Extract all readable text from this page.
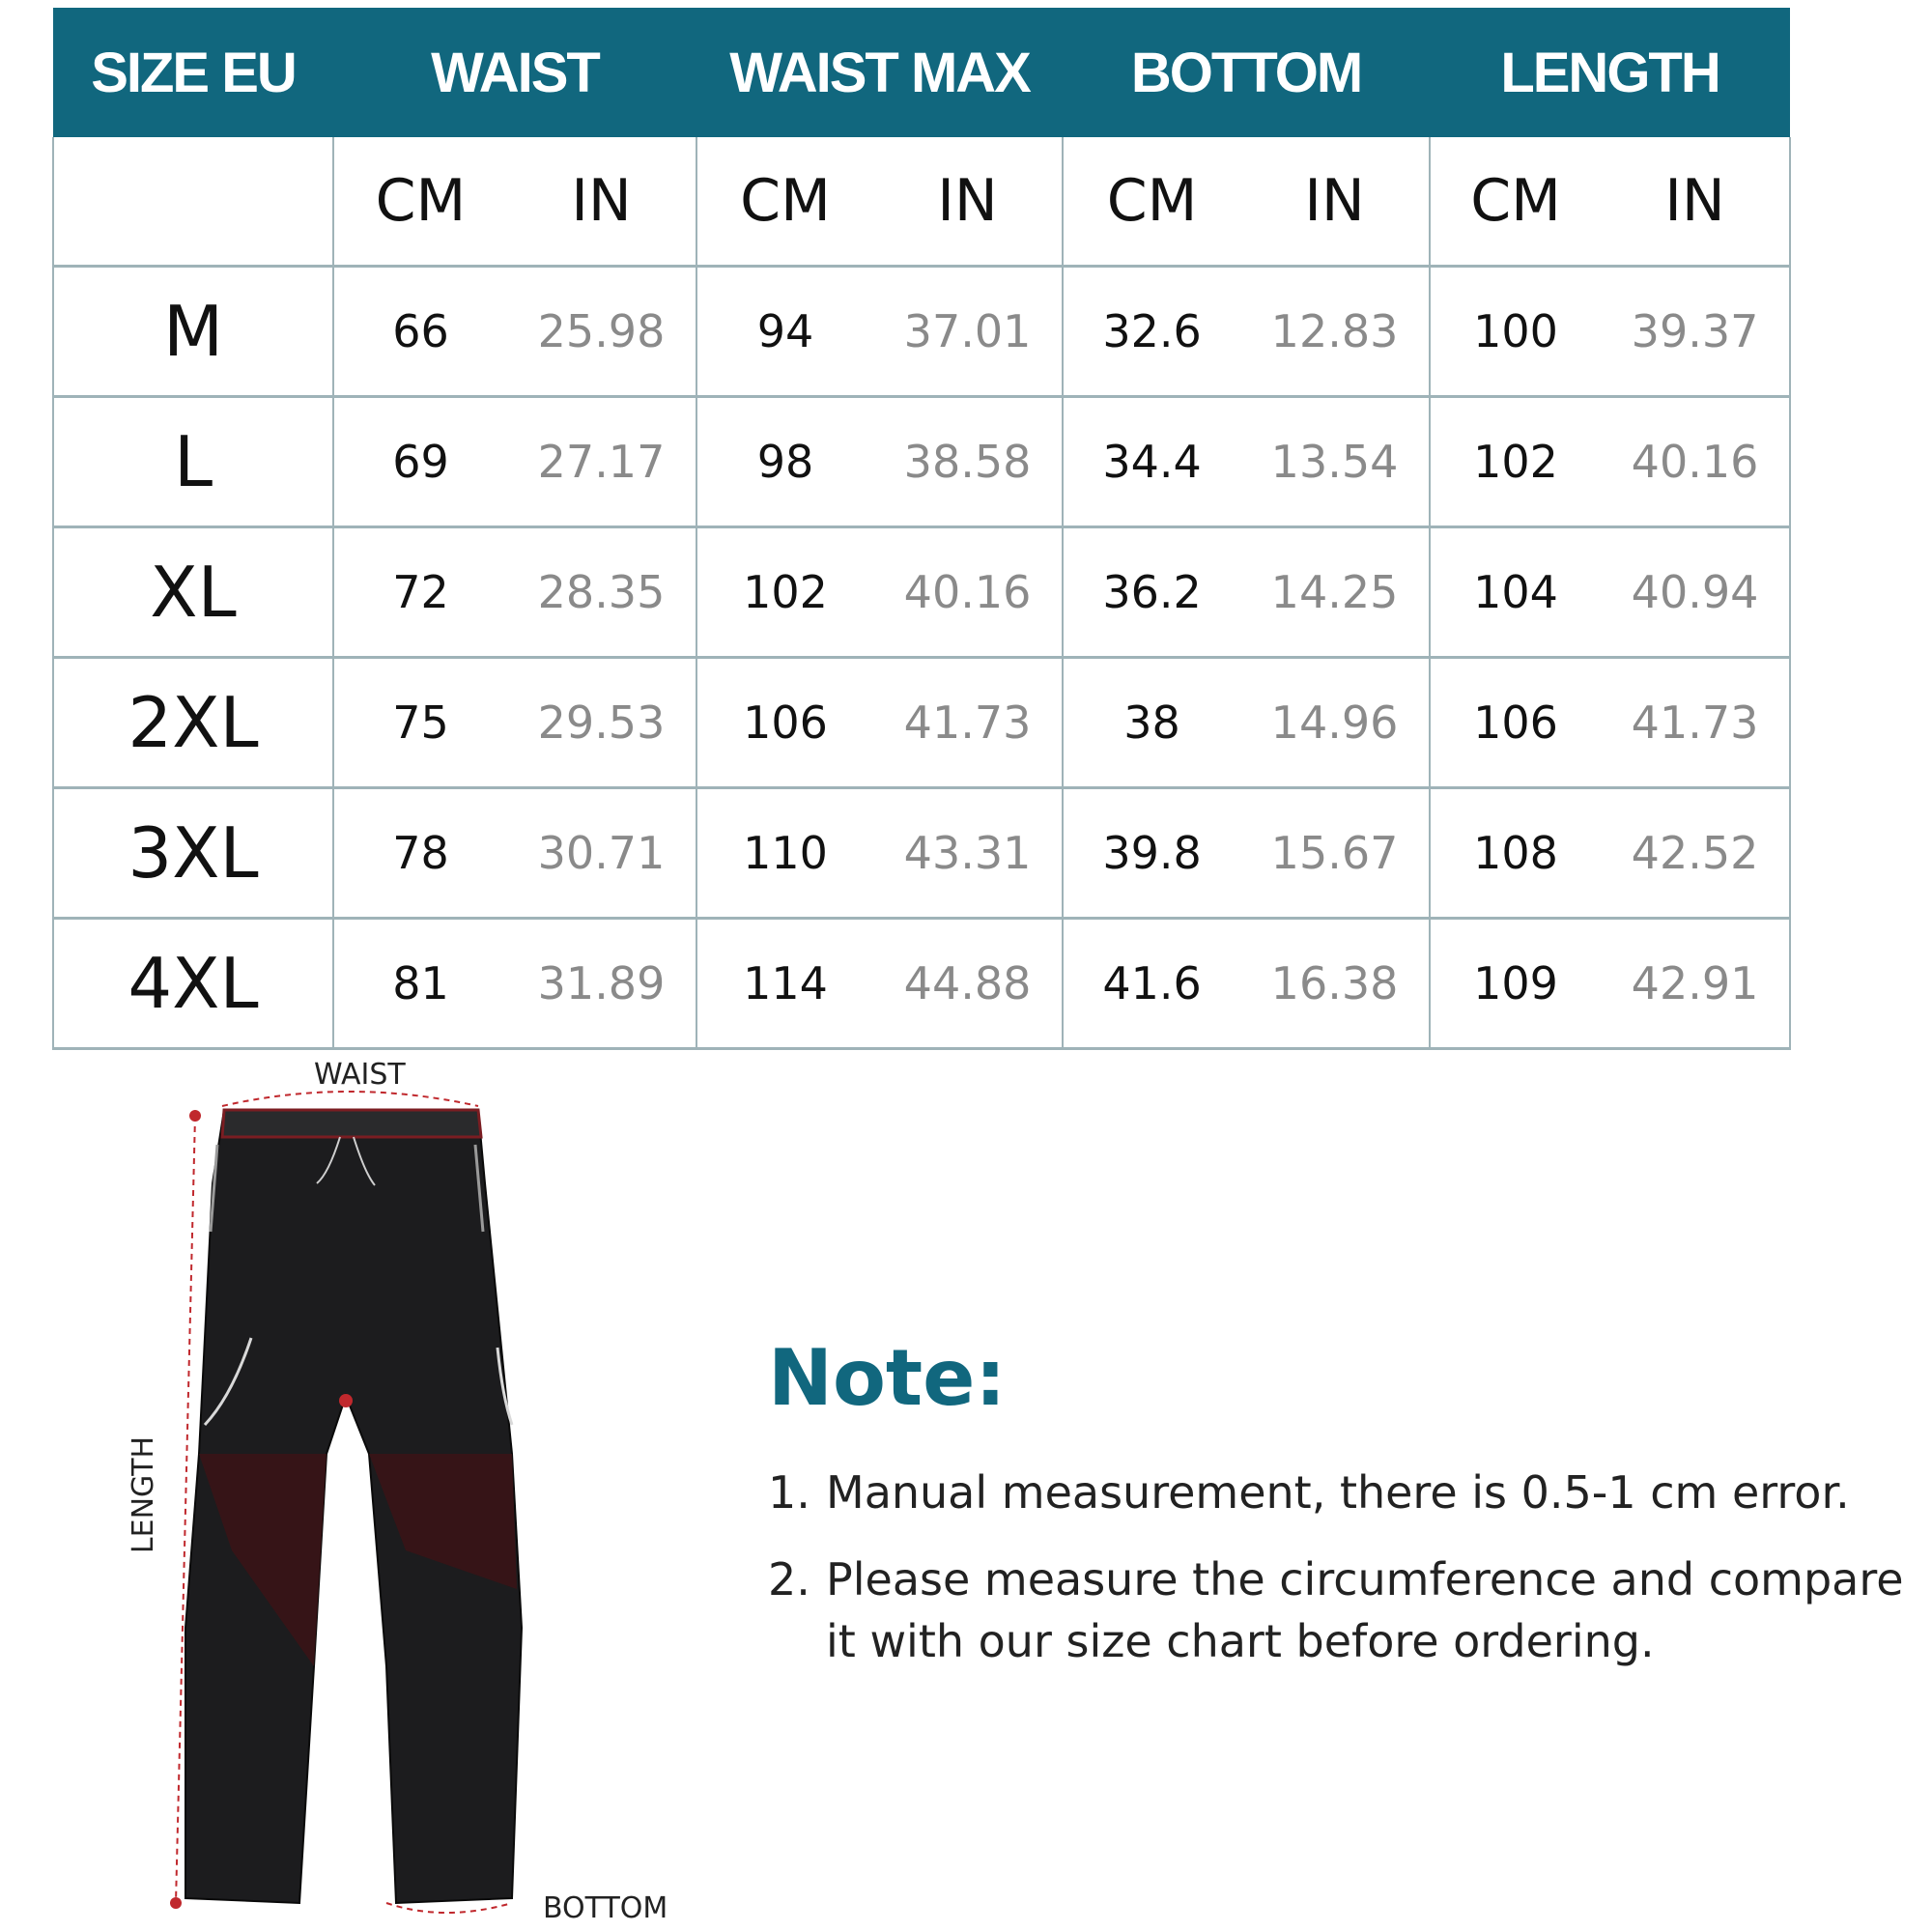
SIZE EU	WAIST		WAIST MAX		BOTTOM		LENGTH	
	CM	IN	CM	IN	CM	IN	CM	IN
M	66	25.98	94	37.01	32.6	12.83	100	39.37
L	69	27.17	98	38.58	34.4	13.54	102	40.16
XL	72	28.35	102	40.16	36.2	14.25	104	40.94
2XL	75	29.53	106	41.73	38	14.96	106	41.73
3XL	78	30.71	110	43.31	39.8	15.67	108	42.52
4XL	81	31.89	114	44.88	41.6	16.38	109	42.91
WAIST
LENGTH
BOTTOM
Note:
1. Manual measurement, there is 0.5-1 cm error.
2. Please measure the circumference and compare it with our size chart before ordering.
